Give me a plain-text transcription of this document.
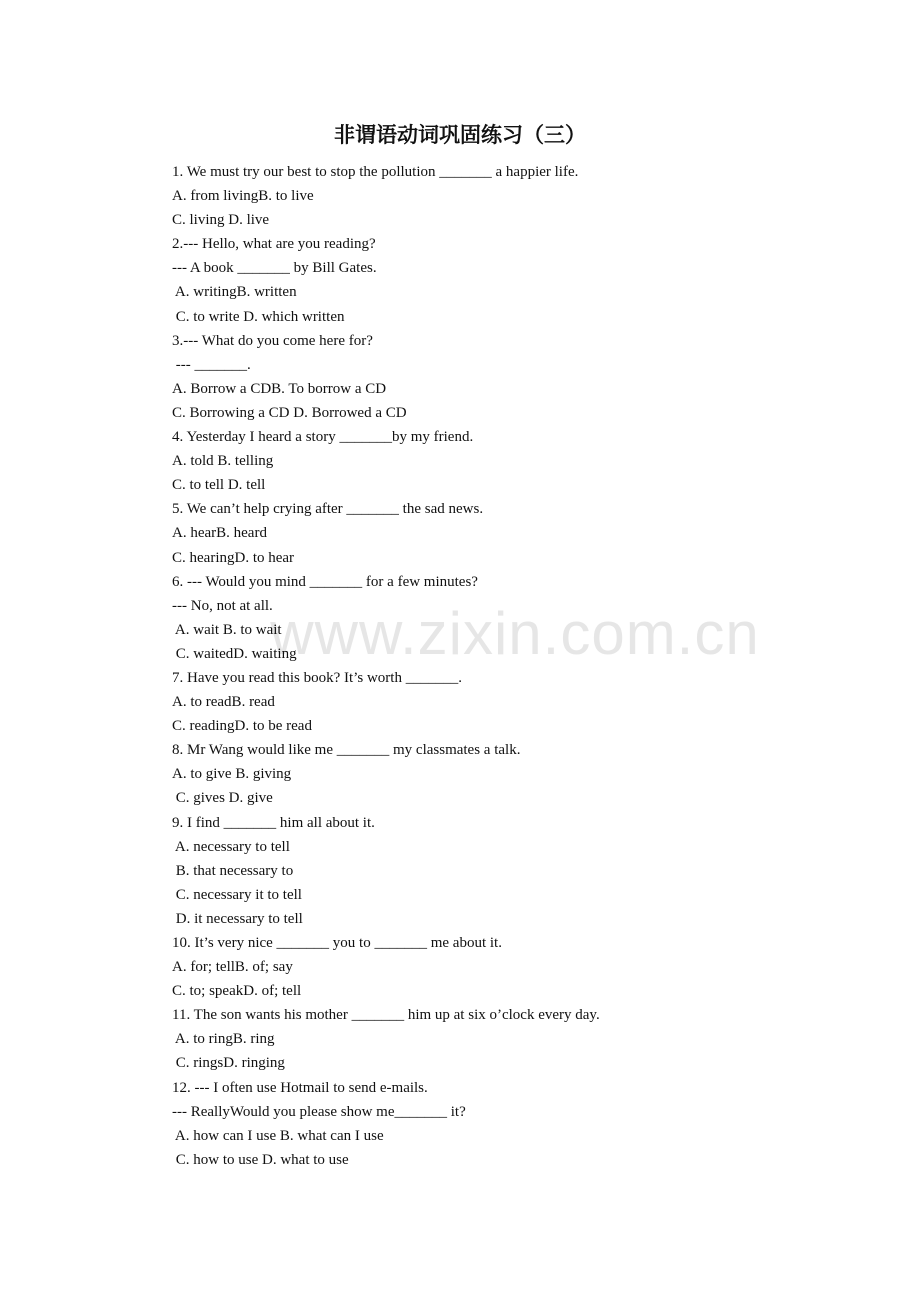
非谓语动词巩固练习（三）
www.zixin.com.cn
1. We must try our best to stop the pollution _______ a happier life.
A. from livingB. to live
C. living D. live
2.--- Hello, what are you reading?
--- A book _______ by Bill Gates.
A. writingB. written
C. to write D. which written
3.--- What do you come here for?
--- _______.
A. Borrow a CDB. To borrow a CD
C. Borrowing a CD D. Borrowed a CD
4. Yesterday I heard a story _______by my friend.
A. told B. telling
C. to tell D. tell
5. We can’t help crying after _______ the sad news.
A. hearB. heard
C. hearingD. to hear
6. --- Would you mind _______ for a few minutes?
--- No, not at all.
A. wait B. to wait
C. waitedD. waiting
7. Have you read this book? It’s worth _______.
A. to readB. read
C. readingD. to be read
8. Mr Wang would like me _______ my classmates a talk.
A. to give B. giving
C. gives D. give
9. I find _______ him all about it.
A. necessary to tell
B. that necessary to
C. necessary it to tell
D. it necessary to tell
10. It’s very nice _______ you to _______ me about it.
A. for; tellB. of; say
C. to; speakD. of; tell
11. The son wants his mother _______ him up at six o’clock every day.
A. to ringB. ring
C. ringsD. ringing
12. --- I often use Hotmail to send e-mails.
--- ReallyWould you please show me_______ it?
A. how can I use B. what can I use
C. how to use D. what to use
